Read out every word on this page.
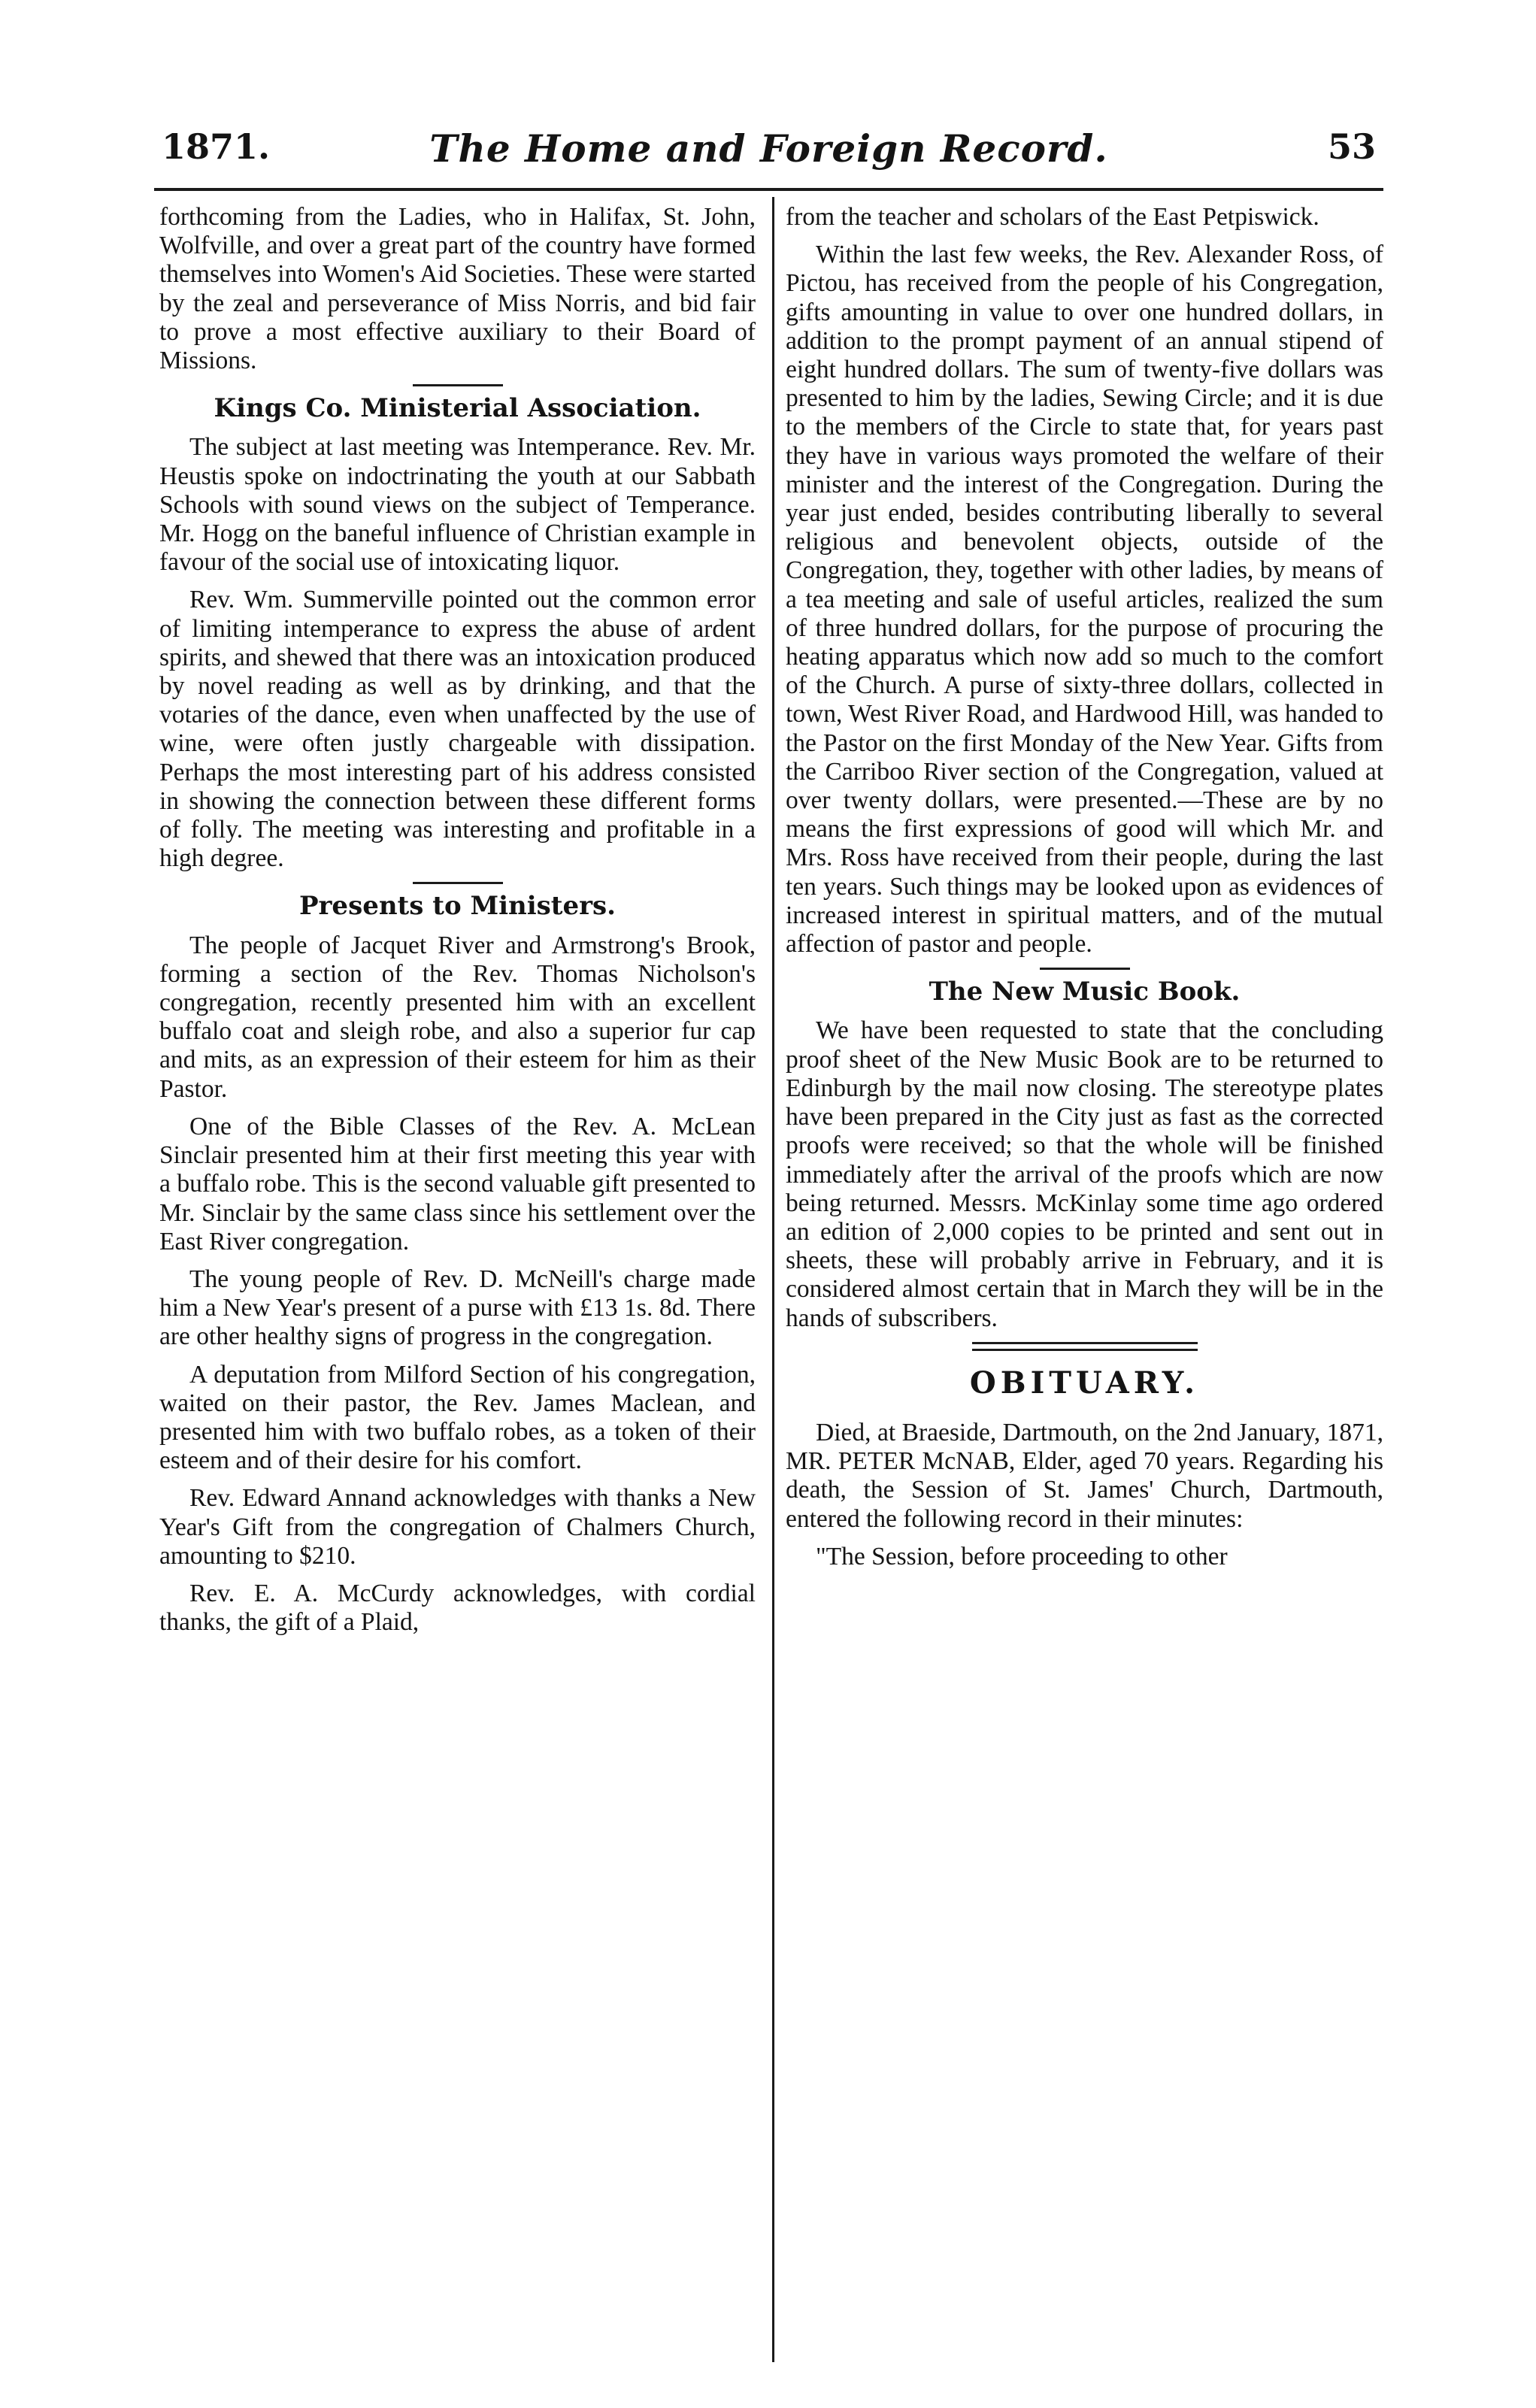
1871.	The Home and Foreign Record.	53

forthcoming from the Ladies, who in Halifax, St. John, Wolfville, and over a great part of the country have formed themselves into Women's Aid Societies. These were started by the zeal and perseverance of Miss Norris, and bid fair to prove a most effective auxiliary to their Board of Missions.

Kings Co. Ministerial Association.

The subject at last meeting was Intemperance. Rev. Mr. Heustis spoke on indoctrinating the youth at our Sabbath Schools with sound views on the subject of Temperance. Mr. Hogg on the baneful influence of Christian example in favour of the social use of intoxicating liquor.

Rev. Wm. Summerville pointed out the common error of limiting intemperance to express the abuse of ardent spirits, and shewed that there was an intoxication produced by novel reading as well as by drinking, and that the votaries of the dance, even when unaffected by the use of wine, were often justly chargeable with dissipation. Perhaps the most interesting part of his address consisted in showing the connection between these different forms of folly. The meeting was interesting and profitable in a high degree.

Presents to Ministers.

The people of Jacquet River and Armstrong's Brook, forming a section of the Rev. Thomas Nicholson's congregation, recently presented him with an excellent buffalo coat and sleigh robe, and also a superior fur cap and mits, as an expression of their esteem for him as their Pastor.

One of the Bible Classes of the Rev. A. McLean Sinclair presented him at their first meeting this year with a buffalo robe. This is the second valuable gift presented to Mr. Sinclair by the same class since his settlement over the East River congregation.

The young people of Rev. D. McNeill's charge made him a New Year's present of a purse with £13 1s. 8d. There are other healthy signs of progress in the congregation.

A deputation from Milford Section of his congregation, waited on their pastor, the Rev. James Maclean, and presented him with two buffalo robes, as a token of their esteem and of their desire for his comfort.

Rev. Edward Annand acknowledges with thanks a New Year's Gift from the congregation of Chalmers Church, amounting to $210.

Rev. E. A. McCurdy acknowledges, with cordial thanks, the gift of a Plaid,

from the teacher and scholars of the East Petpiswick.

Within the last few weeks, the Rev. Alexander Ross, of Pictou, has received from the people of his Congregation, gifts amounting in value to over one hundred dollars, in addition to the prompt payment of an annual stipend of eight hundred dollars. The sum of twenty-five dollars was presented to him by the ladies, Sewing Circle; and it is due to the members of the Circle to state that, for years past they have in various ways promoted the welfare of their minister and the interest of the Congregation. During the year just ended, besides contributing liberally to several religious and benevolent objects, outside of the Congregation, they, together with other ladies, by means of a tea meeting and sale of useful articles, realized the sum of three hundred dollars, for the purpose of procuring the heating apparatus which now add so much to the comfort of the Church. A purse of sixty-three dollars, collected in town, West River Road, and Hardwood Hill, was handed to the Pastor on the first Monday of the New Year. Gifts from the Carriboo River section of the Congregation, valued at over twenty dollars, were presented.—These are by no means the first expressions of good will which Mr. and Mrs. Ross have received from their people, during the last ten years. Such things may be looked upon as evidences of increased interest in spiritual matters, and of the mutual affection of pastor and people.

The New Music Book.

We have been requested to state that the concluding proof sheet of the New Music Book are to be returned to Edinburgh by the mail now closing. The stereotype plates have been prepared in the City just as fast as the corrected proofs were received; so that the whole will be finished immediately after the arrival of the proofs which are now being returned. Messrs. McKinlay some time ago ordered an edition of 2,000 copies to be printed and sent out in sheets, these will probably arrive in February, and it is considered almost certain that in March they will be in the hands of subscribers.

OBITUARY.

Died, at Braeside, Dartmouth, on the 2nd January, 1871, MR. PETER McNAB, Elder, aged 70 years. Regarding his death, the Session of St. James' Church, Dartmouth, entered the following record in their minutes:

"The Session, before proceeding to other
